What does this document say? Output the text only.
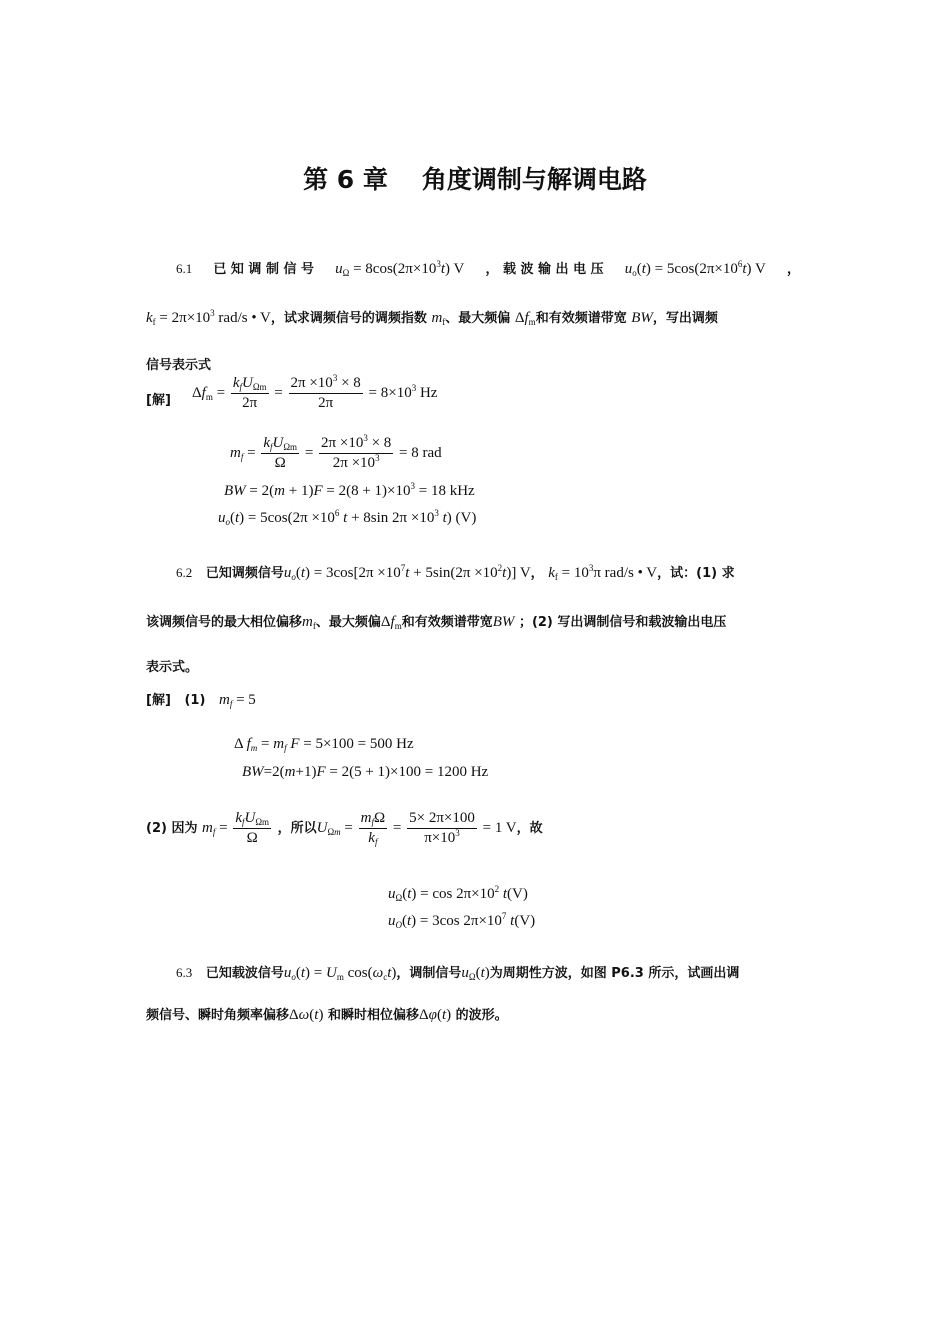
第 6 章 角度调制与解调电路
6.1 已 知 调 制 信 号 $u_\Omega = 8\cos(2\pi\times 10^3t)$ V ， 载 波 输 出 电 压 $u_o(t) = 5\cos(2\pi\times 10^6t)$ V ，
$k_f = 2\pi\times 10^3$ rad/s • V，试求调频信号的调频指数 $m_f$、最大频偏 $\Delta f_m$和有效频谱带宽 BW，写出调频
信号表示式
[解] $\Delta f_m = \frac{k_fU_{\Omega m}}{2\pi} = \frac{2\pi \times 10^3 \times 8}{2\pi} = 8\times 10^3$ Hz
$m_f = \frac{k_fU_{\Omega m}}{\Omega} = \frac{2\pi \times 10^3 \times 8}{2\pi \times 10^3} = 8$ rad
BW = $2(m + 1)F = 2(8 + 1)\times 10^3 = 18$ kHz
$u_o(t) = 5\cos(2\pi \times 10^6$ t + 8sin $2\pi \times 10^3$ t) (V)
6.2 已知调频信号$u_o(t) = 3\cos[2\pi \times 10^7t + 5\sin(2\pi \times 10^2t)]$ V， $k_f = 10^3\pi$ rad/s • V，试：(1) 求
该调频信号的最大相位偏移$m_f$、最大频偏$\Delta f_m$和有效频谱带宽BW ；(2) 写出调制信号和载波输出电压
表示式。
[解] (1) $m_f = 5$
Δ $f_m = m_f$ F = 5×100 = 500 Hz
BW=2(m+1)F = 2(5 + 1)×100 = 1200 Hz
(2) 因为 $m_f = \frac{k_fU_{\Omega m}}{\Omega}$ ，所以$U_{\Omega m} = \frac{m_f\Omega}{k_f} = \frac{5\times 2\pi\times 100}{\pi\times 10^3} = 1$ V，故
$u_\Omega(t) = \cos 2\pi\times 10^2$ t(V)
$u_O(t) = 3\cos$ $2\pi\times 10^7$ t(V)
6.3 已知载波信号$u_o(t) = U_m$ $\cos(\omega_ct)$，调制信号$u_\Omega(t)$为周期性方波，如图 P6.3 所示，试画出调
频信号、瞬时角频率偏移Δω(t) 和瞬时相位偏移Δφ(t) 的波形。
